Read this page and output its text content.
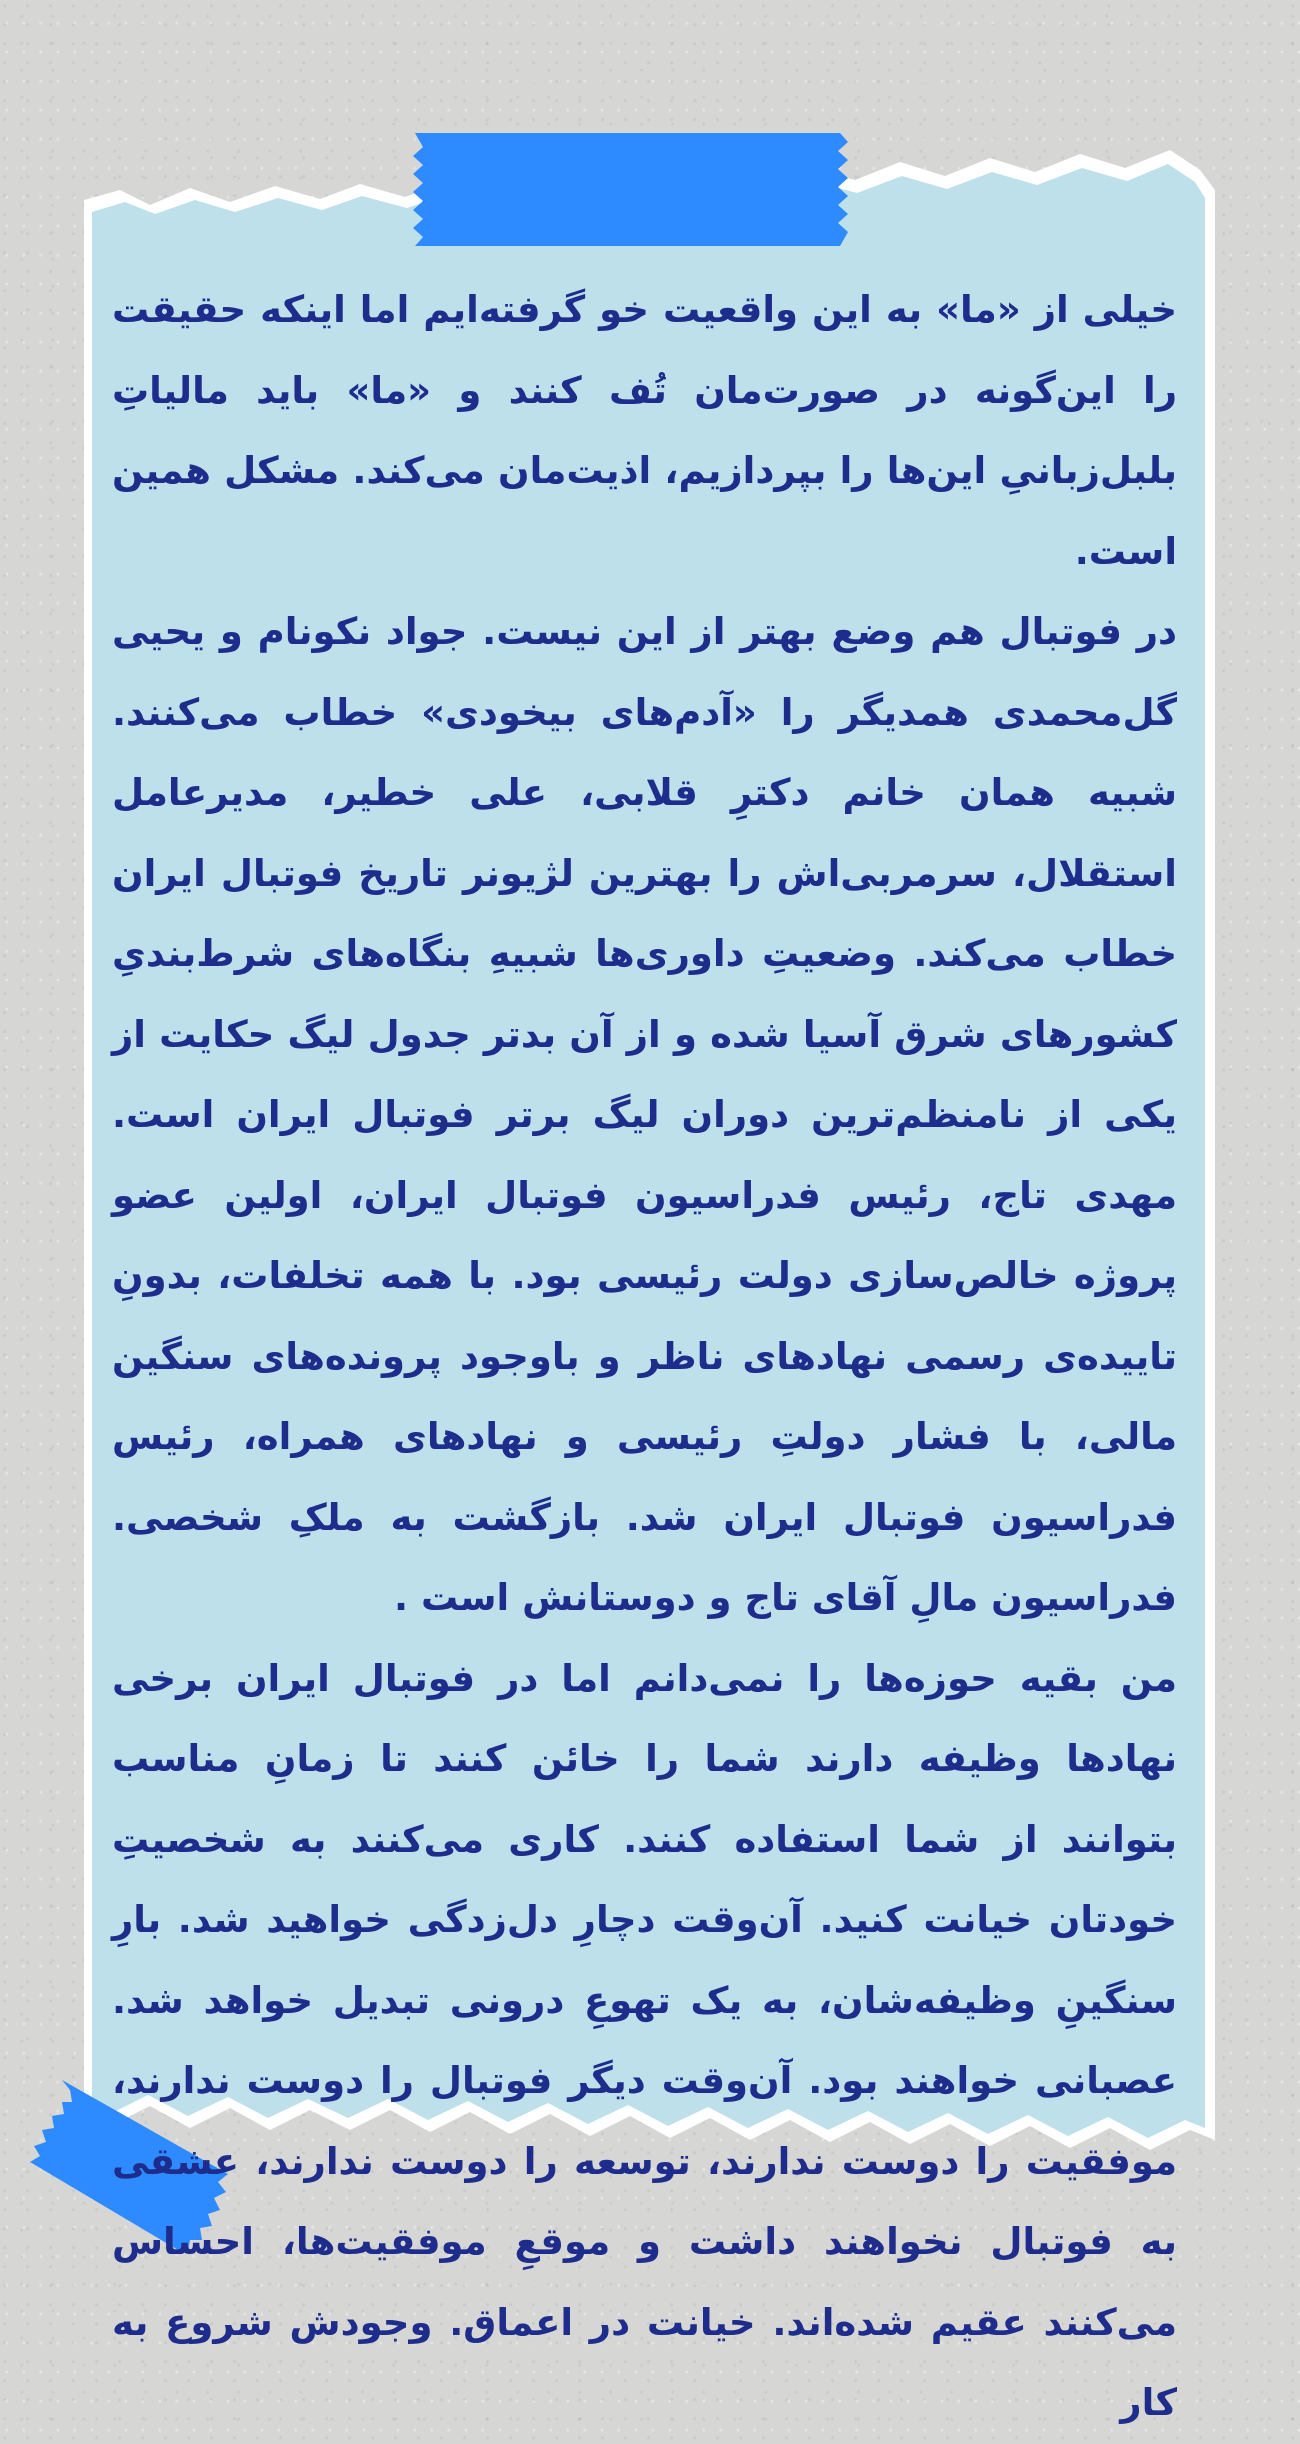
خیلی از «ما» به این واقعیت خو گرفته‌ایم اما اینکه حقیقت را این‌گونه در صورت‌مان تُف کنند و «ما» باید مالیاتِ بلبل‌زبانیِ این‌ها را بپردازیم، اذیت‌مان می‌کند. مشکل همین است.

در فوتبال هم وضع بهتر از این نیست. جواد نکونام و یحیی گل‌محمدی همدیگر را «آدم‌های بیخودی» خطاب می‌کنند. شبیه همان خانم دکترِ قلابی، علی خطیر، مدیرعامل استقلال، سرمربی‌اش را بهترین لژیونر تاریخ فوتبال ایران خطاب می‌کند. وضعیتِ داوری‌ها شبیهِ بنگاه‌های شرط‌بندیِ کشورهای شرق آسیا شده و از آن بدتر جدول لیگ حکایت از یکی از نامنظم‌ترین دوران لیگ برتر فوتبال ایران است. مهدی تاج، رئیس فدراسیون فوتبال ایران، اولین عضو پروژه خالص‌سازی دولت رئیسی بود. با همه تخلفات، بدونِ تاییده‌ی رسمی نهادهای ناظر و باوجود پرونده‌های سنگین مالی، با فشار دولتِ رئیسی و نهادهای همراه، رئیس فدراسیون فوتبال ایران شد. بازگشت به ملکِ شخصی. فدراسیون مالِ آقای تاج و دوستانش است .

من بقیه حوزه‌ها را نمی‌دانم اما در فوتبال ایران برخی نهادها وظیفه دارند شما را خائن کنند تا زمانِ مناسب بتوانند از شما استفاده کنند. کاری می‌کنند به شخصیتِ خودتان خیانت کنید. آن‌وقت دچارِ دل‌زدگی خواهید شد. بارِ سنگینِ وظیفه‌شان، به یک تهوعِ درونی تبدیل خواهد شد. عصبانی خواهند بود. آن‌وقت دیگر فوتبال را دوست ندارند، موفقیت را دوست ندارند، توسعه را دوست ندارند، عشقی به فوتبال نخواهند داشت و موقعِ موفقیت‌ها، احساس می‌کنند عقیم شده‌اند. خیانت در اعماق. وجودش شروع به کار
